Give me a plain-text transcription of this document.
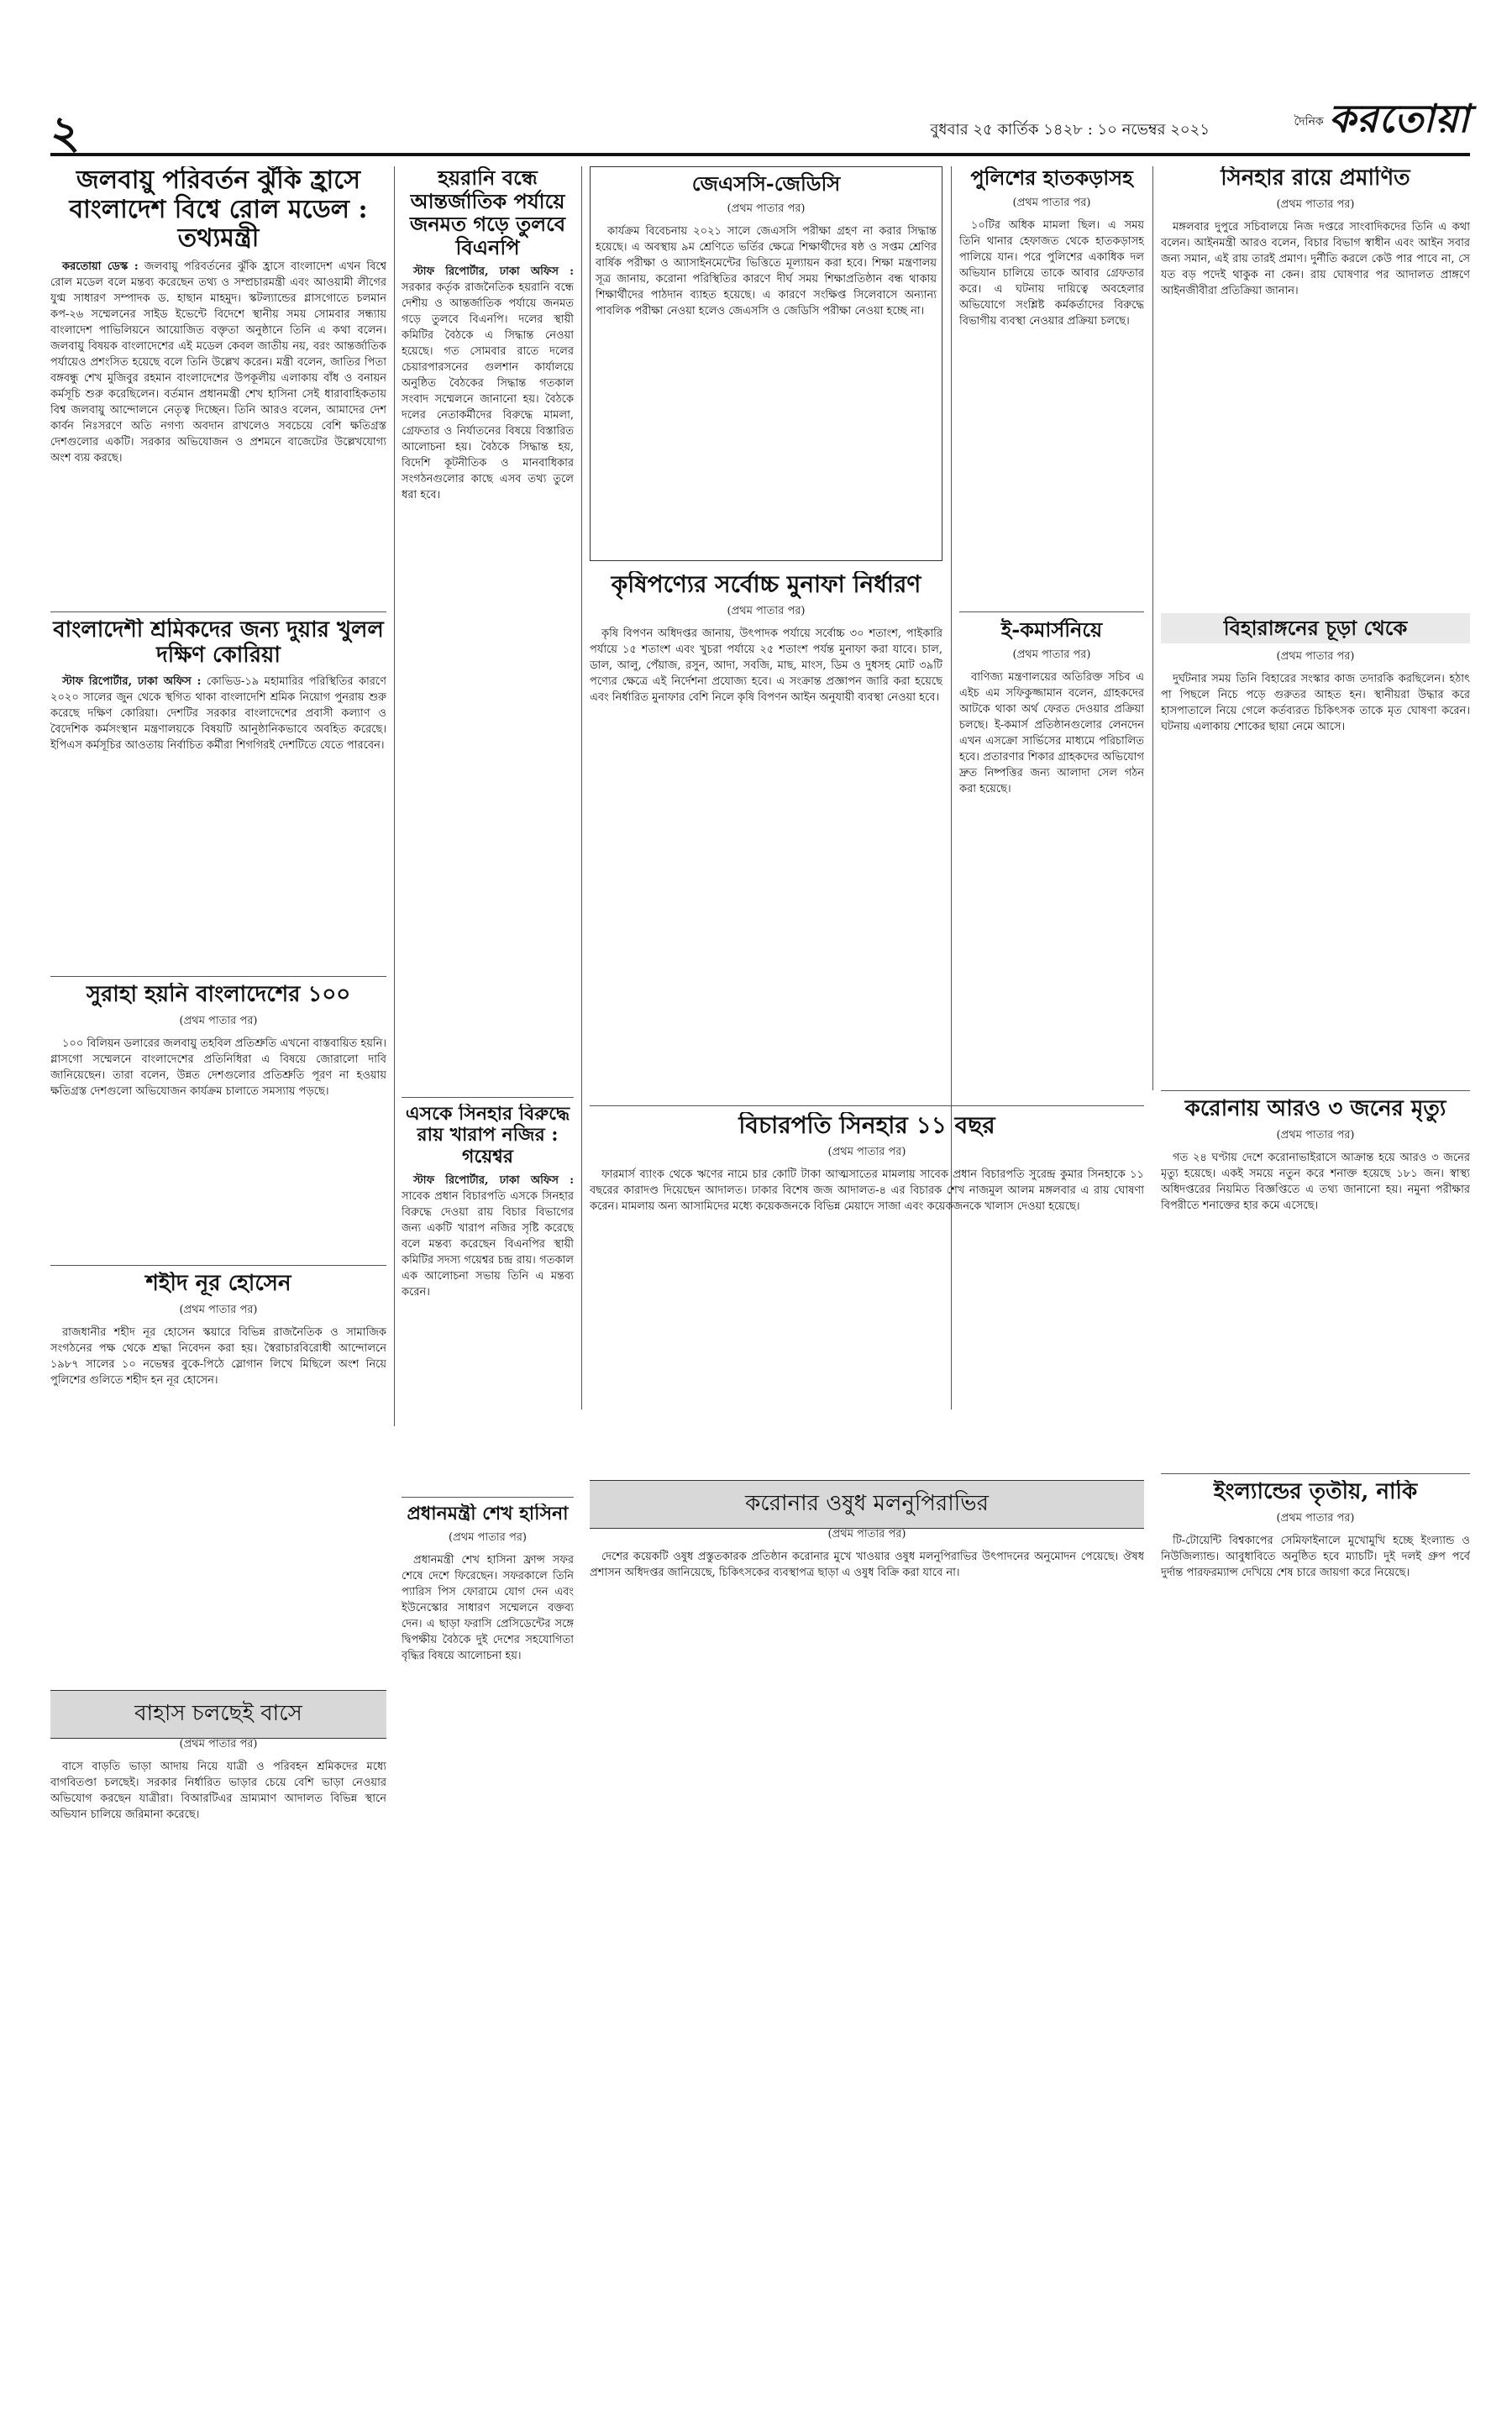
২	বুধবার ২৫ কার্তিক ১৪২৮ : ১০ নভেম্বর ২০২১	দৈনিক করতোয়া
জলবায়ু পরিবর্তন ঝুঁকি হ্রাসে বাংলাদেশ বিশ্বে রোল মডেল : তথ্যমন্ত্রী

করতোয়া ডেস্ক : জলবায়ু পরিবর্তনের ঝুঁকি হ্রাসে বাংলাদেশ এখন বিশ্বে রোল মডেল বলে মন্তব্য করেছেন তথ্য ও সম্প্রচারমন্ত্রী এবং আওয়ামী লীগের যুগ্ম সাধারণ সম্পাদক ড. হাছান মাহমুদ। স্কটল্যান্ডের গ্লাসগোতে চলমান কপ-২৬ সম্মেলনের সাইড ইভেন্টে বিদেশে স্থানীয় সময় সোমবার সন্ধ্যায় বাংলাদেশ পাভিলিয়নে আয়োজিত বক্তৃতা অনুষ্ঠানে তিনি এ কথা বলেন। জলবায়ু বিষয়ক বাংলাদেশের এই মডেল কেবল জাতীয় নয়, বরং আন্তর্জাতিক পর্যায়েও প্রশংসিত হয়েছে বলে তিনি উল্লেখ করেন। মন্ত্রী বলেন, জাতির পিতা বঙ্গবন্ধু শেখ মুজিবুর রহমান বাংলাদেশের উপকূলীয় এলাকায় বাঁধ ও বনায়ন কর্মসূচি শুরু করেছিলেন। বর্তমান প্রধানমন্ত্রী শেখ হাসিনা সেই ধারাবাহিকতায় বিশ্ব জলবায়ু আন্দোলনে নেতৃত্ব দিচ্ছেন। তিনি আরও বলেন, আমাদের দেশ কার্বন নিঃসরণে অতি নগণ্য অবদান রাখলেও সবচেয়ে বেশি ক্ষতিগ্রস্ত দেশগুলোর একটি। সরকার অভিযোজন ও প্রশমনে বাজেটের উল্লেখযোগ্য অংশ ব্যয় করছে।

হয়রানি বন্ধে আন্তর্জাতিক পর্যায়ে জনমত গড়ে তুলবে বিএনপি

স্টাফ রিপোর্টার, ঢাকা অফিস : সরকার কর্তৃক রাজনৈতিক হয়রানি বন্ধে দেশীয় ও আন্তর্জাতিক পর্যায়ে জনমত গড়ে তুলবে বিএনপি। দলের স্থায়ী কমিটির বৈঠকে এ সিদ্ধান্ত নেওয়া হয়েছে। গত সোমবার রাতে দলের চেয়ারপারসনের গুলশান কার্যালয়ে অনুষ্ঠিত বৈঠকের সিদ্ধান্ত গতকাল সংবাদ সম্মেলনে জানানো হয়। বৈঠকে দলের নেতাকর্মীদের বিরুদ্ধে মামলা, গ্রেফতার ও নির্যাতনের বিষয়ে বিস্তারিত আলোচনা হয়। বৈঠকে সিদ্ধান্ত হয়, বিদেশি কূটনীতিক ও মানবাধিকার সংগঠনগুলোর কাছে এসব তথ্য তুলে ধরা হবে।

জেএসসি-জেডিসি
(প্রথম পাতার পর)

কার্যক্রম বিবেচনায় ২০২১ সালে জেএসসি পরীক্ষা গ্রহণ না করার সিদ্ধান্ত হয়েছে। এ অবস্থায় ৯ম শ্রেণিতে ভর্তির ক্ষেত্রে শিক্ষার্থীদের ষষ্ঠ ও সপ্তম শ্রেণির বার্ষিক পরীক্ষা ও অ্যাসাইনমেন্টের ভিত্তিতে মূল্যায়ন করা হবে। শিক্ষা মন্ত্রণালয় সূত্র জানায়, করোনা পরিস্থিতির কারণে দীর্ঘ সময় শিক্ষাপ্রতিষ্ঠান বন্ধ থাকায় শিক্ষার্থীদের পাঠদান ব্যাহত হয়েছে। এ কারণে সংক্ষিপ্ত সিলেবাসে অন্যান্য পাবলিক পরীক্ষা নেওয়া হলেও জেএসসি ও জেডিসি পরীক্ষা নেওয়া হচ্ছে না।

কৃষিপণ্যের সর্বোচ্চ মুনাফা নির্ধারণ
(প্রথম পাতার পর)

কৃষি বিপণন অধিদপ্তর জানায়, উৎপাদক পর্যায়ে সর্বোচ্চ ৩০ শতাংশ, পাইকারি পর্যায়ে ১৫ শতাংশ এবং খুচরা পর্যায়ে ২৫ শতাংশ পর্যন্ত মুনাফা করা যাবে। চাল, ডাল, আলু, পেঁয়াজ, রসুন, আদা, সবজি, মাছ, মাংস, ডিম ও দুধসহ মোট ৩৯টি পণ্যের ক্ষেত্রে এই নির্দেশনা প্রযোজ্য হবে। এ সংক্রান্ত প্রজ্ঞাপন জারি করা হয়েছে এবং নির্ধারিত মুনাফার বেশি নিলে কৃষি বিপণন আইন অনুযায়ী ব্যবস্থা নেওয়া হবে।

পুলিশের হাতকড়াসহ
(প্রথম পাতার পর)

১০টির অধিক মামলা ছিল। এ সময় তিনি থানার হেফাজত থেকে হাতকড়াসহ পালিয়ে যান। পরে পুলিশের একাধিক দল অভিযান চালিয়ে তাকে আবার গ্রেফতার করে। এ ঘটনায় দায়িত্বে অবহেলার অভিযোগে সংশ্লিষ্ট কর্মকর্তাদের বিরুদ্ধে বিভাগীয় ব্যবস্থা নেওয়ার প্রক্রিয়া চলছে।

সিনহার রায়ে প্রমাণিত
(প্রথম পাতার পর)

মঙ্গলবার দুপুরে সচিবালয়ে নিজ দপ্তরে সাংবাদিকদের তিনি এ কথা বলেন। আইনমন্ত্রী আরও বলেন, বিচার বিভাগ স্বাধীন এবং আইন সবার জন্য সমান, এই রায় তারই প্রমাণ। দুর্নীতি করলে কেউ পার পাবে না, সে যত বড় পদেই থাকুক না কেন। রায় ঘোষণার পর আদালত প্রাঙ্গণে আইনজীবীরা প্রতিক্রিয়া জানান।

বাংলাদেশী শ্রমিকদের জন্য দুয়ার খুলল দক্ষিণ কোরিয়া

স্টাফ রিপোর্টার, ঢাকা অফিস : কোভিড-১৯ মহামারির পরিস্থিতির কারণে ২০২০ সালের জুন থেকে স্থগিত থাকা বাংলাদেশি শ্রমিক নিয়োগ পুনরায় শুরু করেছে দক্ষিণ কোরিয়া। দেশটির সরকার বাংলাদেশের প্রবাসী কল্যাণ ও বৈদেশিক কর্মসংস্থান মন্ত্রণালয়কে বিষয়টি আনুষ্ঠানিকভাবে অবহিত করেছে। ইপিএস কর্মসূচির আওতায় নির্বাচিত কর্মীরা শিগগিরই দেশটিতে যেতে পারবেন।

সুরাহা হয়নি বাংলাদেশের ১০০
(প্রথম পাতার পর)

১০০ বিলিয়ন ডলারের জলবায়ু তহবিল প্রতিশ্রুতি এখনো বাস্তবায়িত হয়নি। গ্লাসগো সম্মেলনে বাংলাদেশের প্রতিনিধিরা এ বিষয়ে জোরালো দাবি জানিয়েছেন। তারা বলেন, উন্নত দেশগুলোর প্রতিশ্রুতি পূরণ না হওয়ায় ক্ষতিগ্রস্ত দেশগুলো অভিযোজন কার্যক্রম চালাতে সমস্যায় পড়ছে।

শহীদ নূর হোসেন
(প্রথম পাতার পর)

রাজধানীর শহীদ নূর হোসেন স্কয়ারে বিভিন্ন রাজনৈতিক ও সামাজিক সংগঠনের পক্ষ থেকে শ্রদ্ধা নিবেদন করা হয়। স্বৈরাচারবিরোধী আন্দোলনে ১৯৮৭ সালের ১০ নভেম্বর বুকে-পিঠে স্লোগান লিখে মিছিলে অংশ নিয়ে পুলিশের গুলিতে শহীদ হন নূর হোসেন।

এসকে সিনহার বিরুদ্ধে রায় খারাপ নজির : গয়েশ্বর

স্টাফ রিপোর্টার, ঢাকা অফিস : সাবেক প্রধান বিচারপতি এসকে সিনহার বিরুদ্ধে দেওয়া রায় বিচার বিভাগের জন্য একটি খারাপ নজির সৃষ্টি করেছে বলে মন্তব্য করেছেন বিএনপির স্থায়ী কমিটির সদস্য গয়েশ্বর চন্দ্র রায়। গতকাল এক আলোচনা সভায় তিনি এ মন্তব্য করেন।

বিচারপতি সিনহার ১১ বছর
(প্রথম পাতার পর)

ফারমার্স ব্যাংক থেকে ঋণের নামে চার কোটি টাকা আত্মসাতের মামলায় সাবেক প্রধান বিচারপতি সুরেন্দ্র কুমার সিনহাকে ১১ বছরের কারাদণ্ড দিয়েছেন আদালত। ঢাকার বিশেষ জজ আদালত-৪ এর বিচারক শেখ নাজমুল আলম মঙ্গলবার এ রায় ঘোষণা করেন। মামলায় অন্য আসামিদের মধ্যে কয়েকজনকে বিভিন্ন মেয়াদে সাজা এবং কয়েকজনকে খালাস দেওয়া হয়েছে।

ই-কমার্সনিয়ে
(প্রথম পাতার পর)

বাণিজ্য মন্ত্রণালয়ের অতিরিক্ত সচিব এ এইচ এম সফিকুজ্জামান বলেন, গ্রাহকদের আটকে থাকা অর্থ ফেরত দেওয়ার প্রক্রিয়া চলছে। ই-কমার্স প্রতিষ্ঠানগুলোর লেনদেন এখন এসক্রো সার্ভিসের মাধ্যমে পরিচালিত হবে। প্রতারণার শিকার গ্রাহকদের অভিযোগ দ্রুত নিষ্পত্তির জন্য আলাদা সেল গঠন করা হয়েছে।

বিহারাঙ্গনের চূড়া থেকে
(প্রথম পাতার পর)

দুর্ঘটনার সময় তিনি বিহারের সংস্কার কাজ তদারকি করছিলেন। হঠাৎ পা পিছলে নিচে পড়ে গুরুতর আহত হন। স্থানীয়রা উদ্ধার করে হাসপাতালে নিয়ে গেলে কর্তব্যরত চিকিৎসক তাকে মৃত ঘোষণা করেন। ঘটনায় এলাকায় শোকের ছায়া নেমে আসে।

করোনায় আরও ৩ জনের মৃত্যু
(প্রথম পাতার পর)

গত ২৪ ঘণ্টায় দেশে করোনাভাইরাসে আক্রান্ত হয়ে আরও ৩ জনের মৃত্যু হয়েছে। একই সময়ে নতুন করে শনাক্ত হয়েছে ১৮১ জন। স্বাস্থ্য অধিদপ্তরের নিয়মিত বিজ্ঞপ্তিতে এ তথ্য জানানো হয়। নমুনা পরীক্ষার বিপরীতে শনাক্তের হার কমে এসেছে।

প্রধানমন্ত্রী শেখ হাসিনা
(প্রথম পাতার পর)

প্রধানমন্ত্রী শেখ হাসিনা ফ্রান্স সফর শেষে দেশে ফিরেছেন। সফরকালে তিনি প্যারিস পিস ফোরামে যোগ দেন এবং ইউনেস্কোর সাধারণ সম্মেলনে বক্তব্য দেন। এ ছাড়া ফরাসি প্রেসিডেন্টের সঙ্গে দ্বিপক্ষীয় বৈঠকে দুই দেশের সহযোগিতা বৃদ্ধির বিষয়ে আলোচনা হয়।

করোনার ওষুধ মলনুপিরাভির
(প্রথম পাতার পর)

দেশের কয়েকটি ওষুধ প্রস্তুতকারক প্রতিষ্ঠান করোনার মুখে খাওয়ার ওষুধ মলনুপিরাভির উৎপাদনের অনুমোদন পেয়েছে। ঔষধ প্রশাসন অধিদপ্তর জানিয়েছে, চিকিৎসকের ব্যবস্থাপত্র ছাড়া এ ওষুধ বিক্রি করা যাবে না।

বাহাস চলছেই বাসে
(প্রথম পাতার পর)

বাসে বাড়তি ভাড়া আদায় নিয়ে যাত্রী ও পরিবহন শ্রমিকদের মধ্যে বাগবিতণ্ডা চলছেই। সরকার নির্ধারিত ভাড়ার চেয়ে বেশি ভাড়া নেওয়ার অভিযোগ করছেন যাত্রীরা। বিআরটিএর ভ্রাম্যমাণ আদালত বিভিন্ন স্থানে অভিযান চালিয়ে জরিমানা করেছে।

ইংল্যান্ডের তৃতীয়, নাকি
(প্রথম পাতার পর)

টি-টোয়েন্টি বিশ্বকাপের সেমিফাইনালে মুখোমুখি হচ্ছে ইংল্যান্ড ও নিউজিল্যান্ড। আবুধাবিতে অনুষ্ঠিত হবে ম্যাচটি। দুই দলই গ্রুপ পর্বে দুর্দান্ত পারফরম্যান্স দেখিয়ে শেষ চারে জায়গা করে নিয়েছে।
